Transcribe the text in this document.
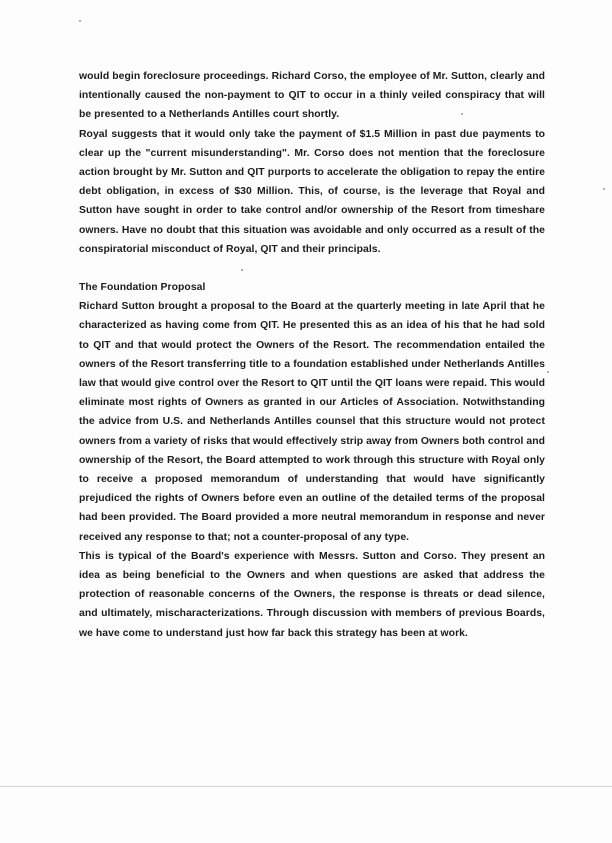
would begin foreclosure proceedings. Richard Corso, the employee of Mr. Sutton, clearly and intentionally caused the non-payment to QIT to occur in a thinly veiled conspiracy that will be presented to a Netherlands Antilles court shortly.

Royal suggests that it would only take the payment of $1.5 Million in past due payments to clear up the "current misunderstanding". Mr. Corso does not mention that the foreclosure action brought by Mr. Sutton and QIT purports to accelerate the obligation to repay the entire debt obligation, in excess of $30 Million. This, of course, is the leverage that Royal and Sutton have sought in order to take control and/or ownership of the Resort from timeshare owners. Have no doubt that this situation was avoidable and only occurred as a result of the conspiratorial misconduct of Royal, QIT and their principals.

The Foundation Proposal

Richard Sutton brought a proposal to the Board at the quarterly meeting in late April that he characterized as having come from QIT. He presented this as an idea of his that he had sold to QIT and that would protect the Owners of the Resort. The recommendation entailed the owners of the Resort transferring title to a foundation established under Netherlands Antilles law that would give control over the Resort to QIT until the QIT loans were repaid. This would eliminate most rights of Owners as granted in our Articles of Association. Notwithstanding the advice from U.S. and Netherlands Antilles counsel that this structure would not protect owners from a variety of risks that would effectively strip away from Owners both control and ownership of the Resort, the Board attempted to work through this structure with Royal only to receive a proposed memorandum of understanding that would have significantly prejudiced the rights of Owners before even an outline of the detailed terms of the proposal had been provided. The Board provided a more neutral memorandum in response and never received any response to that; not a counter-proposal of any type.

This is typical of the Board's experience with Messrs. Sutton and Corso. They present an idea as being beneficial to the Owners and when questions are asked that address the protection of reasonable concerns of the Owners, the response is threats or dead silence, and ultimately, mischaracterizations. Through discussion with members of previous Boards, we have come to understand just how far back this strategy has been at work.
